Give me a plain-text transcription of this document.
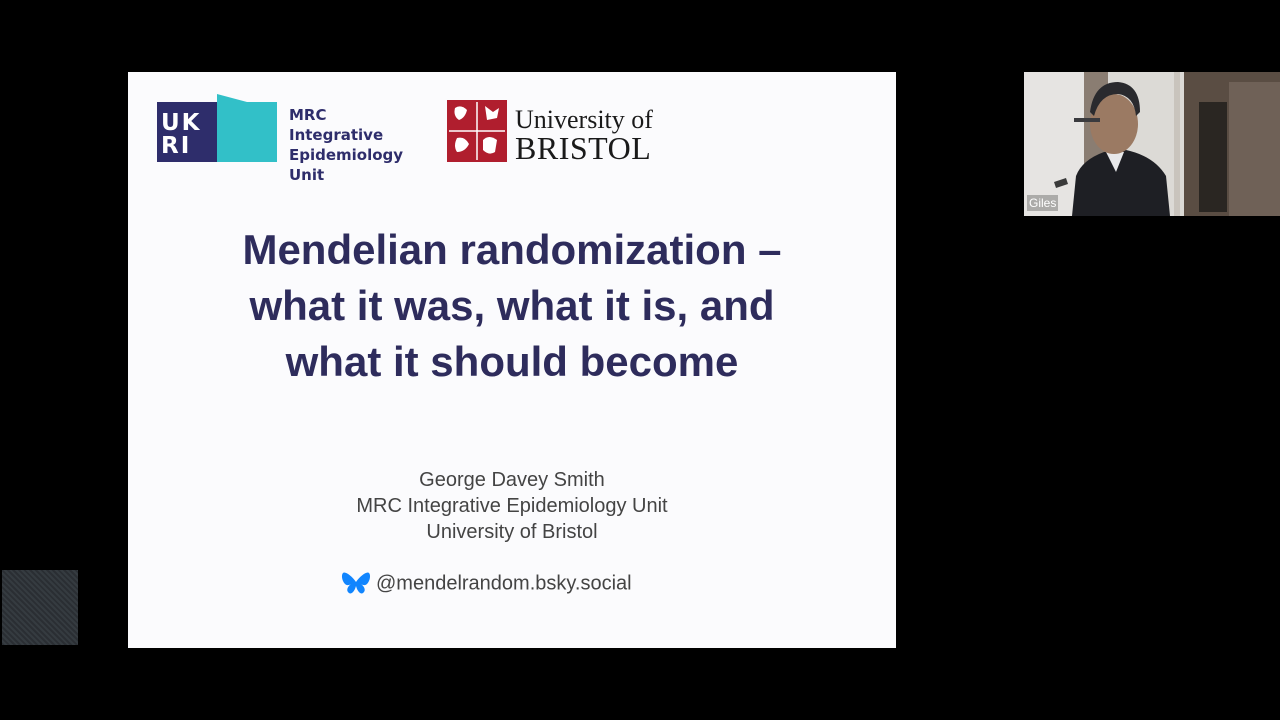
UK
RI
MRC Integrative
Epidemiology
Unit
University of
BRISTOL
Mendelian randomization –
what it was, what it is, and
what it should become
George Davey Smith
MRC Integrative Epidemiology Unit
University of Bristol
@mendelrandom.bsky.social
Giles
